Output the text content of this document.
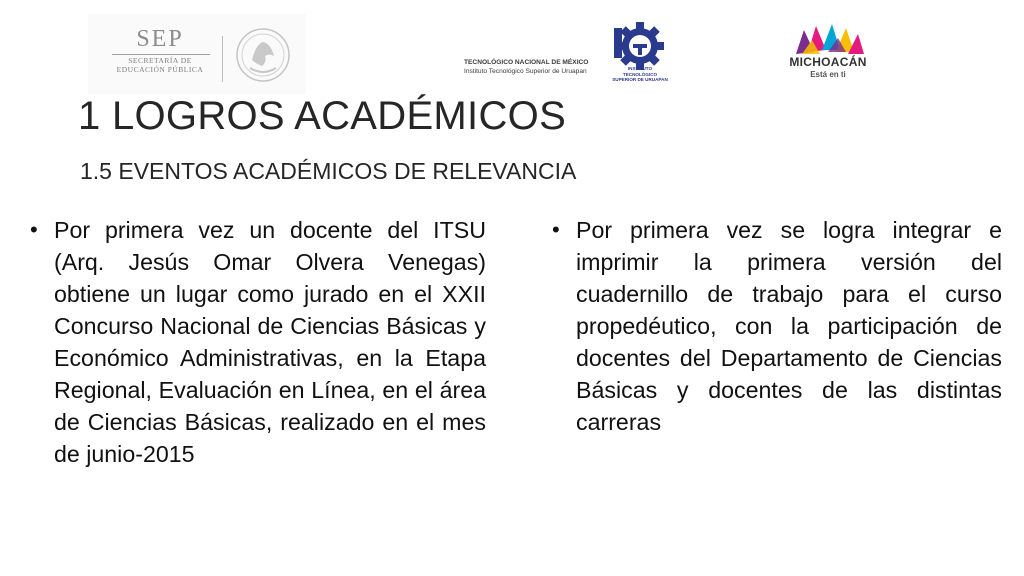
SEP
SECRETARÍA DE
EDUCACIÓN PÚBLICA
TECNOLÓGICO NACIONAL DE MÉXICO
Instituto Tecnológico Superior de Uruapan	INSTITUTO TECNOLÓGICO
SUPERIOR DE URUAPAN
MICHOACÁN
Está en ti
1 LOGROS ACADÉMICOS
1.5 EVENTOS ACADÉMICOS DE RELEVANCIA
• Por primera vez un docente del ITSU (Arq. Jesús Omar Olvera Venegas) obtiene un lugar como jurado en el XXII Concurso Nacional de Ciencias Básicas y Económico Administrativas, en la Etapa Regional, Evaluación en Línea, en el área de Ciencias Básicas, realizado en el mes de junio-2015
• Por primera vez se logra integrar e imprimir la primera versión del cuadernillo de trabajo para el curso propedéutico, con la participación de docentes del Departamento de Ciencias Básicas y docentes de las distintas carreras
